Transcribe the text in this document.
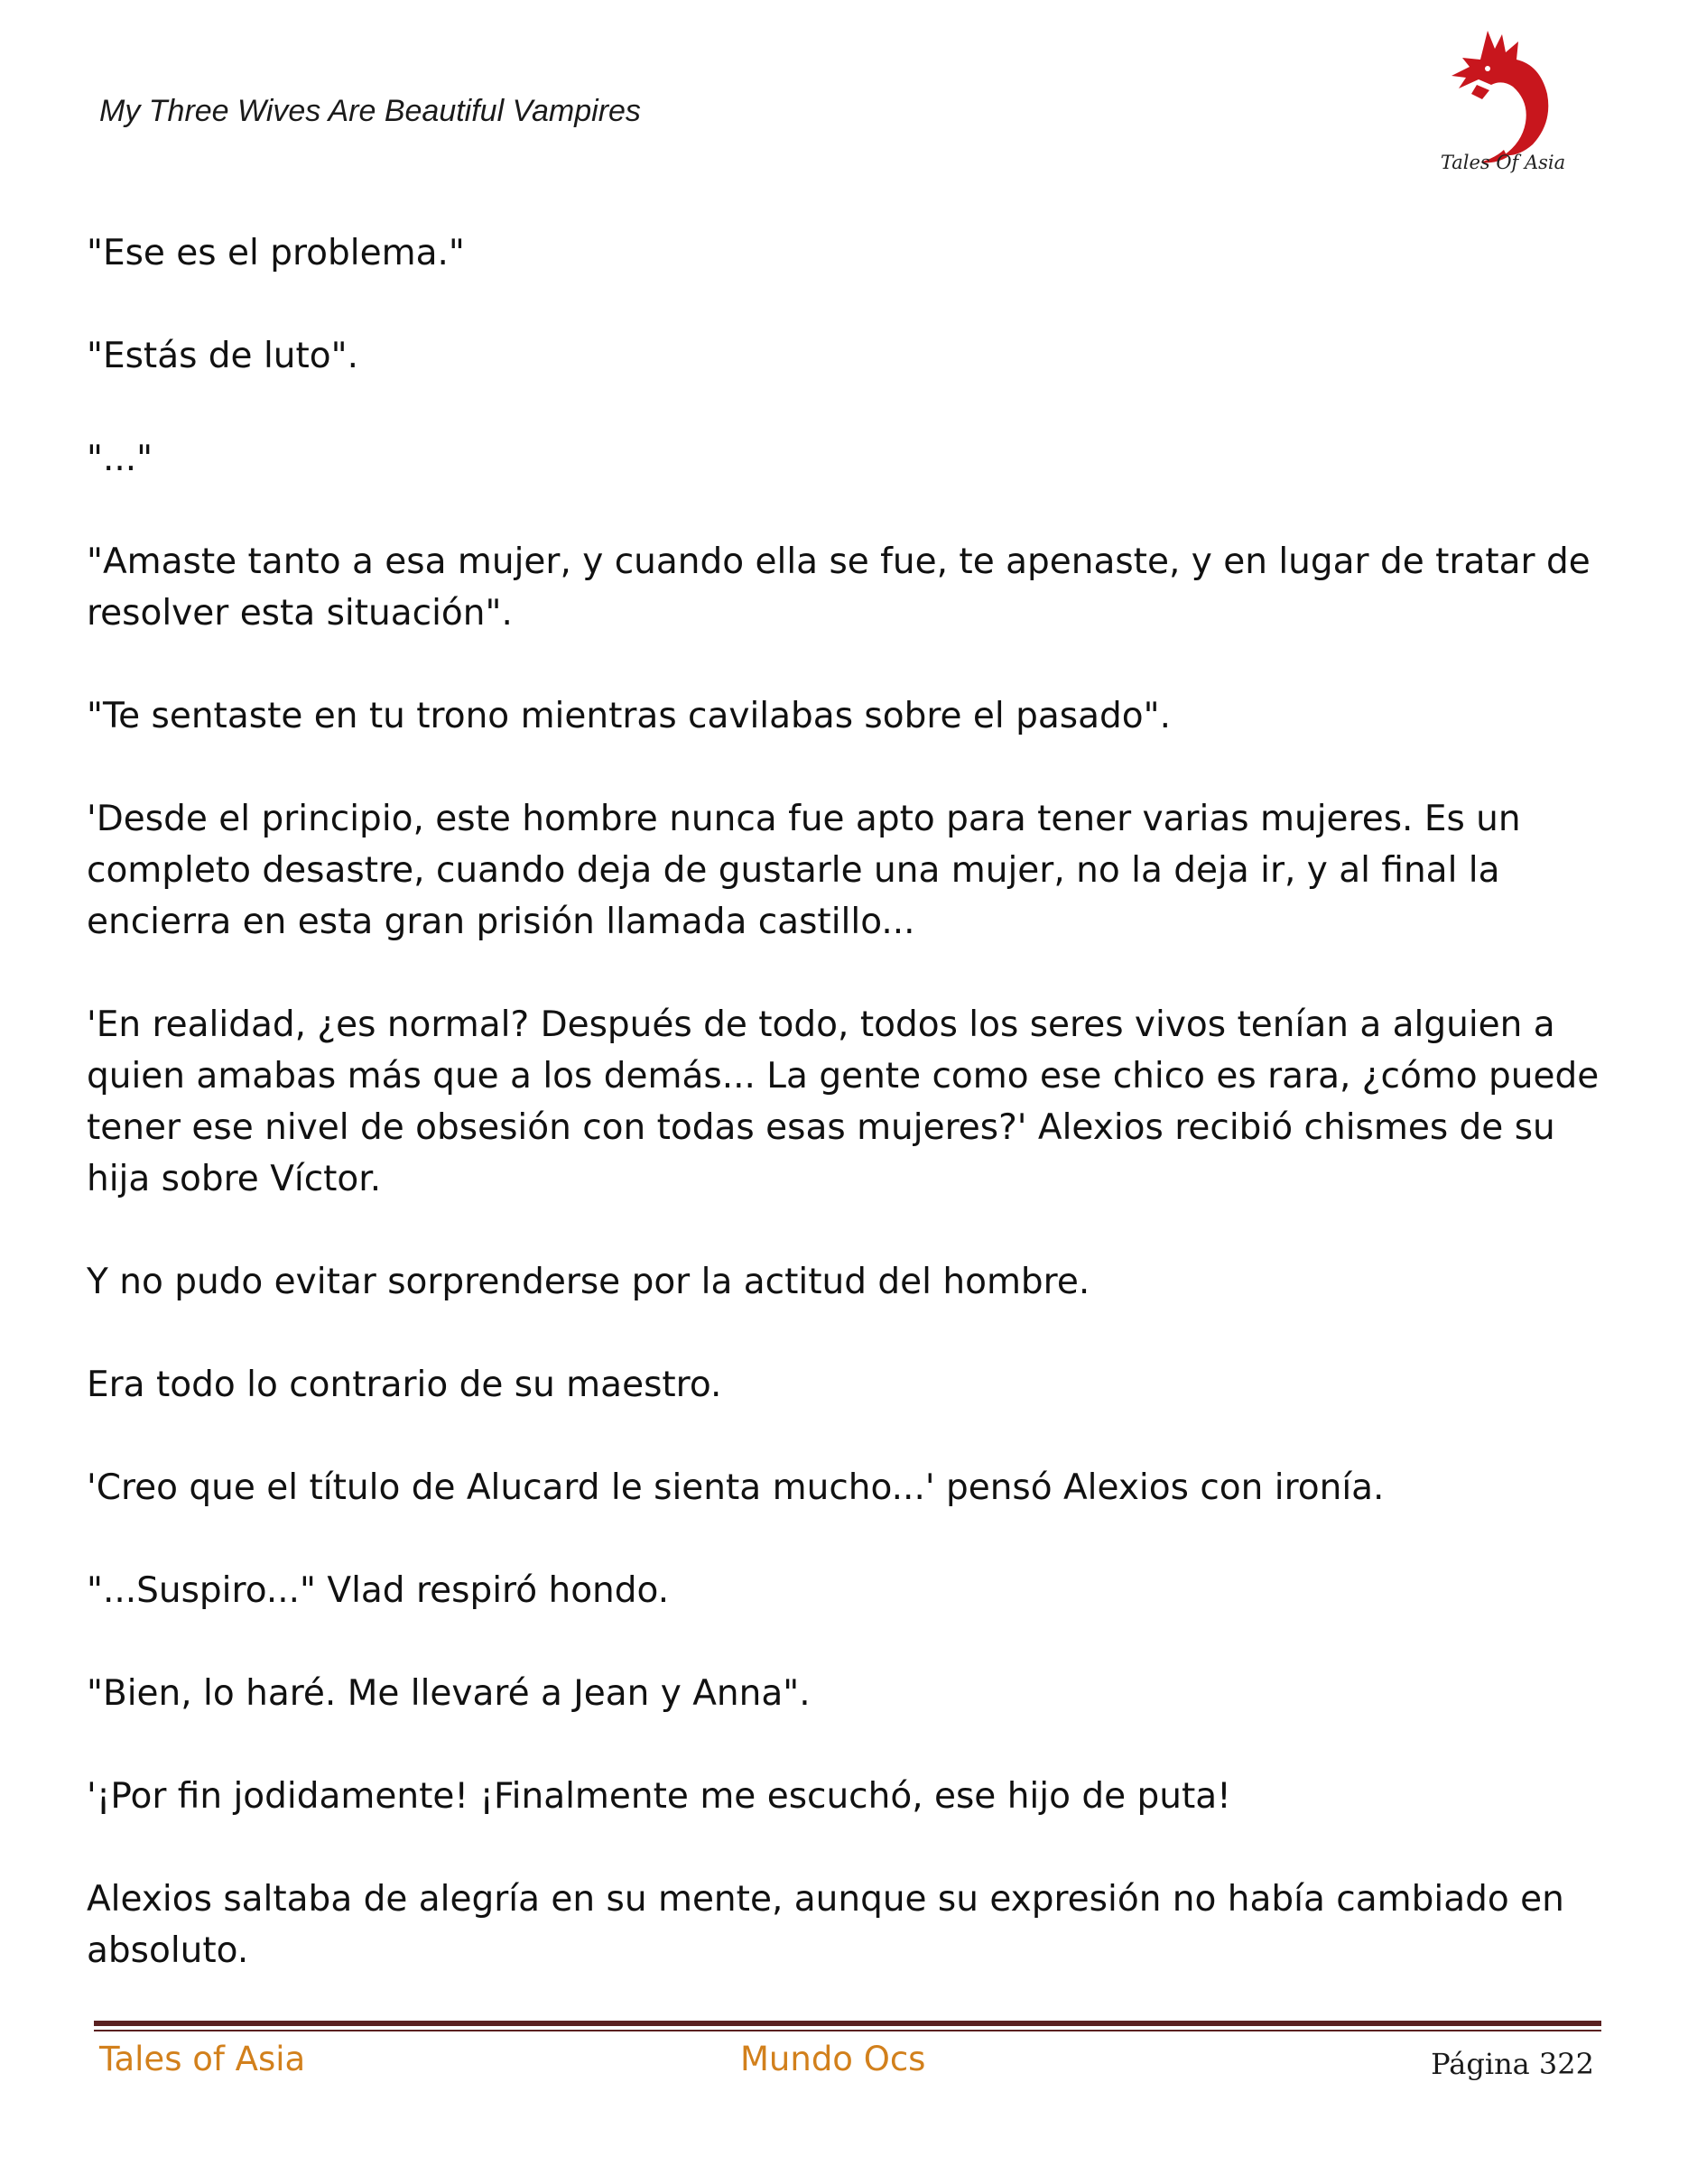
My Three Wives Are Beautiful Vampires
Tales Of Asia

"Ese es el problema."

"Estás de luto".

"..."

"Amaste tanto a esa mujer, y cuando ella se fue, te apenaste, y en lugar de tratar de resolver esta situación".

"Te sentaste en tu trono mientras cavilabas sobre el pasado".

'Desde el principio, este hombre nunca fue apto para tener varias mujeres. Es un completo desastre, cuando deja de gustarle una mujer, no la deja ir, y al final la encierra en esta gran prisión llamada castillo...

'En realidad, ¿es normal? Después de todo, todos los seres vivos tenían a alguien a quien amabas más que a los demás... La gente como ese chico es rara, ¿cómo puede tener ese nivel de obsesión con todas esas mujeres?' Alexios recibió chismes de su hija sobre Víctor.

Y no pudo evitar sorprenderse por la actitud del hombre.

Era todo lo contrario de su maestro.

'Creo que el título de Alucard le sienta mucho...' pensó Alexios con ironía.

"...Suspiro..." Vlad respiró hondo.

"Bien, lo haré. Me llevaré a Jean y Anna".

'¡Por fin jodidamente! ¡Finalmente me escuchó, ese hijo de puta!

Alexios saltaba de alegría en su mente, aunque su expresión no había cambiado en absoluto.

Tales of Asia	Mundo Ocs	Página 322
